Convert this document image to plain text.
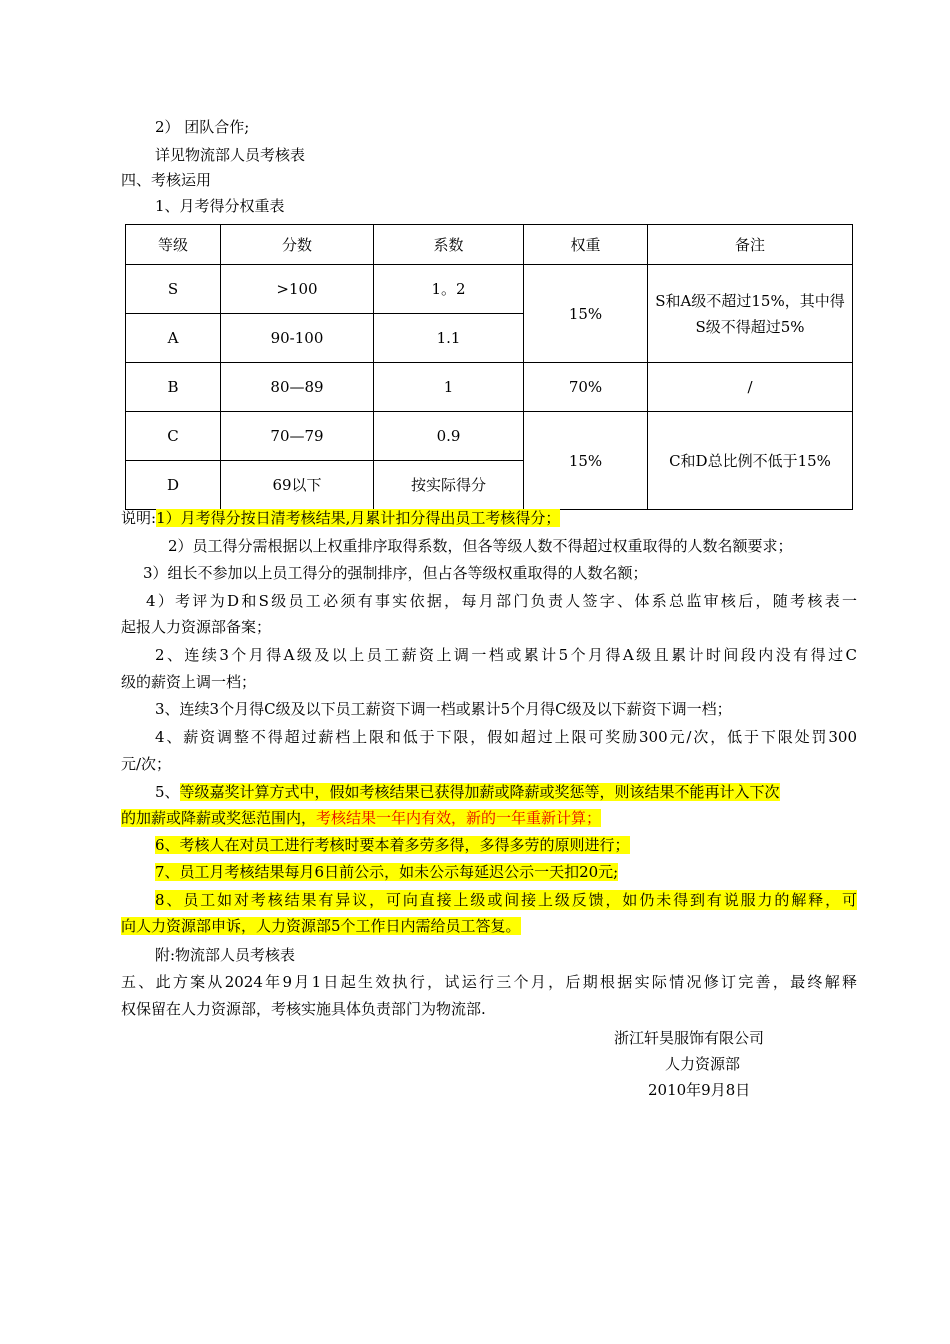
2） 团队合作;
详见物流部人员考核表
四、考核运用
1、月考得分权重表
等级	分数	系数	权重	备注
S	>100	1。2	15%	S和A级不超过15%，其中得S级不得超过5%
A	90-100	1.1		
B	80—89	1	70%	/
C	70—79	0.9	15%	C和D总比例不低于15%
D	69以下	按实际得分		
说明:1）月考得分按日清考核结果,月累计扣分得出员工考核得分；
2）员工得分需根据以上权重排序取得系数，但各等级人数不得超过权重取得的人数名额要求；
3）组长不参加以上员工得分的强制排序，但占各等级权重取得的人数名额；
4）考评为D和S级员工必须有事实依据，每月部门负责人签字、体系总监审核后，随考核表一
起报人力资源部备案；
2、连续3个月得A级及以上员工薪资上调一档或累计5个月得A级且累计时间段内没有得过C
级的薪资上调一档；
3、连续3个月得C级及以下员工薪资下调一档或累计5个月得C级及以下薪资下调一档；
4、薪资调整不得超过薪档上限和低于下限，假如超过上限可奖励300元/次，低于下限处罚300
元/次；
5、等级嘉奖计算方式中，假如考核结果已获得加薪或降薪或奖惩等，则该结果不能再计入下次
的加薪或降薪或奖惩范围内，考核结果一年内有效，新的一年重新计算；
6、考核人在对员工进行考核时要本着多劳多得，多得多劳的原则进行；
7、员工月考核结果每月6日前公示，如未公示每延迟公示一天扣20元;
8、员工如对考核结果有异议，可向直接上级或间接上级反馈，如仍未得到有说服力的解释，可
向人力资源部申诉，人力资源部5个工作日内需给员工答复。
附:物流部人员考核表
五、此方案从2024年9月1日起生效执行，试运行三个月，后期根据实际情况修订完善，最终解释
权保留在人力资源部，考核实施具体负责部门为物流部.
浙江轩昊服饰有限公司
人力资源部
2010年9月8日
